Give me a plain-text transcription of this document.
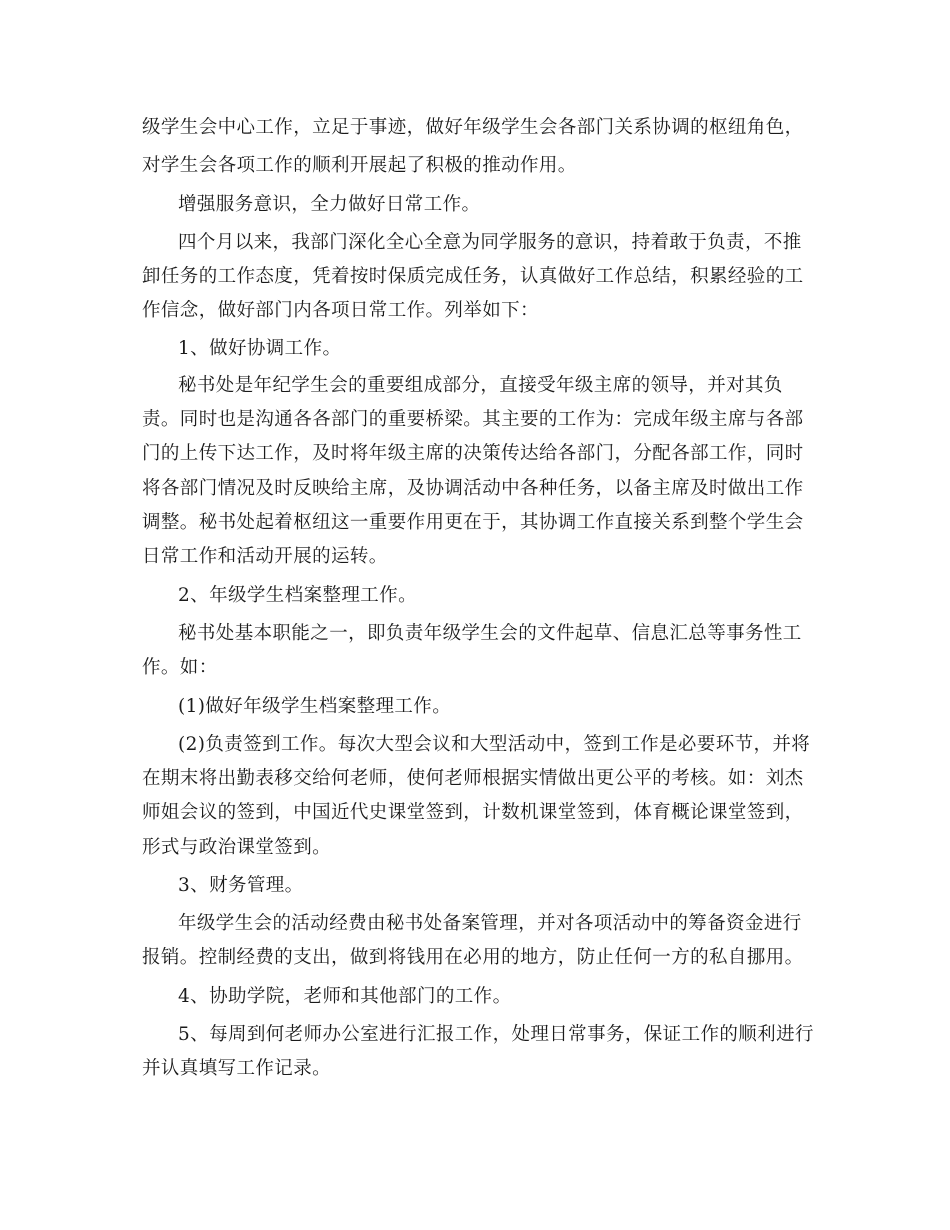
级学生会中心工作，立足于事迹，做好年级学生会各部门关系协调的枢纽角色，
对学生会各项工作的顺利开展起了积极的推动作用。
增强服务意识，全力做好日常工作。
四个月以来，我部门深化全心全意为同学服务的意识，持着敢于负责，不推
卸任务的工作态度，凭着按时保质完成任务，认真做好工作总结，积累经验的工
作信念，做好部门内各项日常工作。列举如下：
1、做好协调工作。
秘书处是年纪学生会的重要组成部分，直接受年级主席的领导，并对其负
责。同时也是沟通各各部门的重要桥梁。其主要的工作为：完成年级主席与各部
门的上传下达工作，及时将年级主席的决策传达给各部门，分配各部工作，同时
将各部门情况及时反映给主席，及协调活动中各种任务，以备主席及时做出工作
调整。秘书处起着枢纽这一重要作用更在于，其协调工作直接关系到整个学生会
日常工作和活动开展的运转。
2、年级学生档案整理工作。
秘书处基本职能之一，即负责年级学生会的文件起草、信息汇总等事务性工
作。如：
(1)做好年级学生档案整理工作。
(2)负责签到工作。每次大型会议和大型活动中，签到工作是必要环节，并将
在期末将出勤表移交给何老师，使何老师根据实情做出更公平的考核。如：刘杰
师姐会议的签到，中国近代史课堂签到，计数机课堂签到，体育概论课堂签到，
形式与政治课堂签到。
3、财务管理。
年级学生会的活动经费由秘书处备案管理，并对各项活动中的筹备资金进行
报销。控制经费的支出，做到将钱用在必用的地方，防止任何一方的私自挪用。
4、协助学院，老师和其他部门的工作。
5、每周到何老师办公室进行汇报工作，处理日常事务，保证工作的顺利进行
并认真填写工作记录。
